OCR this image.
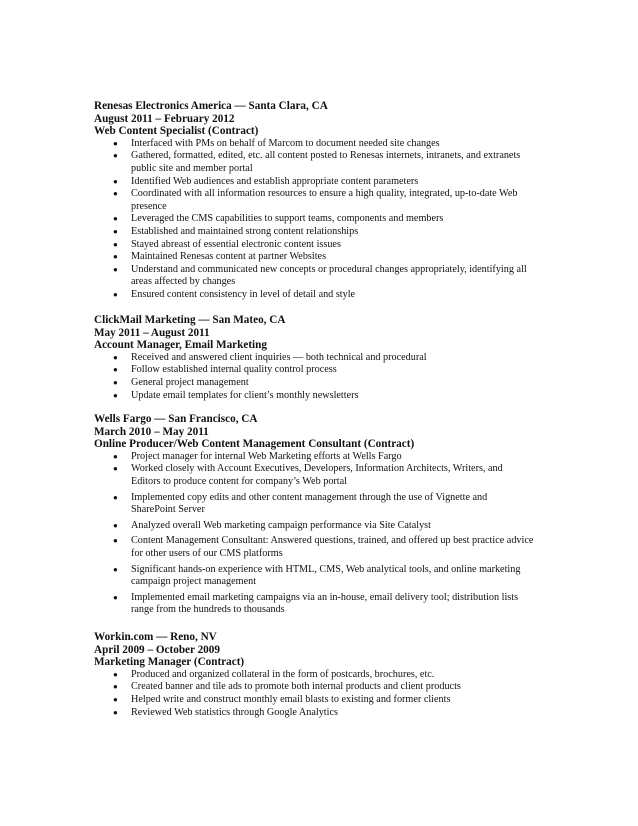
Renesas Electronics America — Santa Clara, CA
August 2011 – February 2012
Web Content Specialist (Contract)
● Interfaced with PMs on behalf of Marcom to document needed site changes
● Gathered, formatted, edited, etc. all content posted to Renesas internets, intranets, and extranets public site and member portal
● Identified Web audiences and establish appropriate content parameters
● Coordinated with all information resources to ensure a high quality, integrated, up-to-date Web presence
● Leveraged the CMS capabilities to support teams, components and members
● Established and maintained strong content relationships
● Stayed abreast of essential electronic content issues
● Maintained Renesas content at partner Websites
● Understand and communicated new concepts or procedural changes appropriately, identifying all areas affected by changes
● Ensured content consistency in level of detail and style
ClickMail Marketing — San Mateo, CA
May 2011 – August 2011
Account Manager, Email Marketing
● Received and answered client inquiries — both technical and procedural
● Follow established internal quality control process
● General project management
● Update email templates for client’s monthly newsletters
Wells Fargo — San Francisco, CA
March 2010 – May 2011
Online Producer/Web Content Management Consultant (Contract)
● Project manager for internal Web Marketing efforts at Wells Fargo
● Worked closely with Account Executives, Developers, Information Architects, Writers, and Editors to produce content for company’s Web portal
● Implemented copy edits and other content management through the use of Vignette and SharePoint Server
● Analyzed overall Web marketing campaign performance via Site Catalyst
● Content Management Consultant: Answered questions, trained, and offered up best practice advice for other users of our CMS platforms
● Significant hands-on experience with HTML, CMS, Web analytical tools, and online marketing campaign project management
● Implemented email marketing campaigns via an in-house, email delivery tool; distribution lists range from the hundreds to thousands
Workin.com — Reno, NV
April 2009 – October 2009
Marketing Manager (Contract)
● Produced and organized collateral in the form of postcards, brochures, etc.
● Created banner and tile ads to promote both internal products and client products
● Helped write and construct monthly email blasts to existing and former clients
● Reviewed Web statistics through Google Analytics
